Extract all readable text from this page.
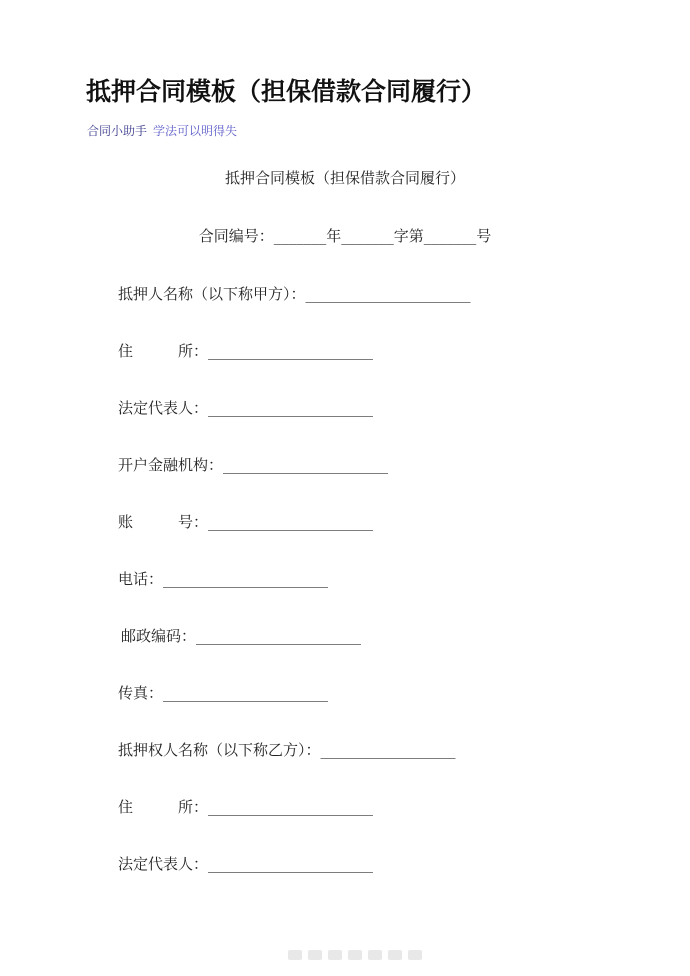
抵押合同模板（担保借款合同履行）
合同小助手 学法可以明得失
抵押合同模板（担保借款合同履行）
合同编号：_______年_______字第_______号
抵押人名称（以下称甲方）：______________________
住　　　所：______________________
法定代表人：______________________
开户金融机构：______________________
账　　　号：______________________
电话：______________________
邮政编码：______________________
传真：______________________
抵押权人名称（以下称乙方）：__________________
住　　　所：______________________
法定代表人：______________________
